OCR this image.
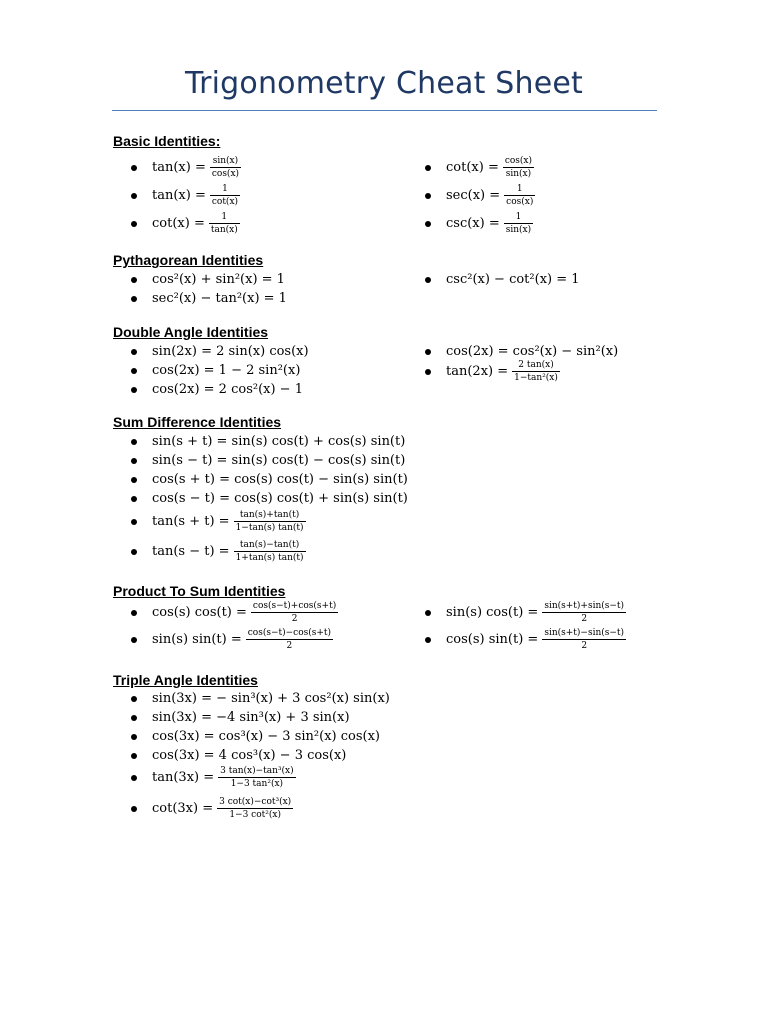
Trigonometry Cheat Sheet
Basic Identities:
$\tan(x) = \frac{\sin(x)}{\cos(x)}$
$\tan(x) = \frac{1}{\cot(x)}$
$\cot(x) = \frac{1}{\tan(x)}$
$\cot(x) = \frac{\cos(x)}{\sin(x)}$
$\sec(x) = \frac{1}{\cos(x)}$
$\csc(x) = \frac{1}{\sin(x)}$
Pythagorean Identities
cos²(x) + sin²(x) = 1
sec²(x) − tan²(x) = 1
csc²(x) − cot²(x) = 1
Double Angle Identities
sin(2x) = 2 sin(x) cos(x)
cos(2x) = 1 − 2 sin²(x)
cos(2x) = 2 cos²(x) − 1
cos(2x) = cos²(x) − sin²(x)
$\tan(2x) = \frac{2 \tan(x)}{\text{1−tan²(x)}}$
Sum Difference Identities
sin(s + t) = sin(s) cos(t) + cos(s) sin(t)
sin(s − t) = sin(s) cos(t) − cos(s) sin(t)
cos(s + t) = cos(s) cos(t) − sin(s) sin(t)
cos(s − t) = cos(s) cos(t) + sin(s) sin(t)
$\tan(s + t) = \frac{\tan(s)+\tan(t)}{1-\tan(s) \tan(t)}$
$\tan(s - t) = \frac{\tan(s)-\tan(t)}{1+\tan(s) \tan(t)}$
Product To Sum Identities
cos(s) $\cos(t) = \frac{\cos(s-t)+\cos(s+t)}{2}$
sin(s) $\sin(t) = \frac{\cos(s-t)-\cos(s+t)}{2}$
sin(s) $\cos(t) = \frac{\sin(s+t)+\sin(s-t)}{2}$
cos(s) $\sin(t) = \frac{\sin(s+t)-\sin(s-t)}{2}$
Triple Angle Identities
sin(3x) = − sin³(x) + 3 cos²(x) sin(x)
sin(3x) = −4 sin³(x) + 3 sin(x)
cos(3x) = cos³(x) − 3 sin²(x) cos(x)
cos(3x) = 4 cos³(x) − 3 cos(x)
$\tan(3x) = \frac{\text{3 tan(x)−tan³(x)}}{\text{1−3 tan²(x)}}$
$\cot(3x) = \frac{\text{3 cot(x)−cot³(x)}}{\text{1−3 cot²(x)}}$
